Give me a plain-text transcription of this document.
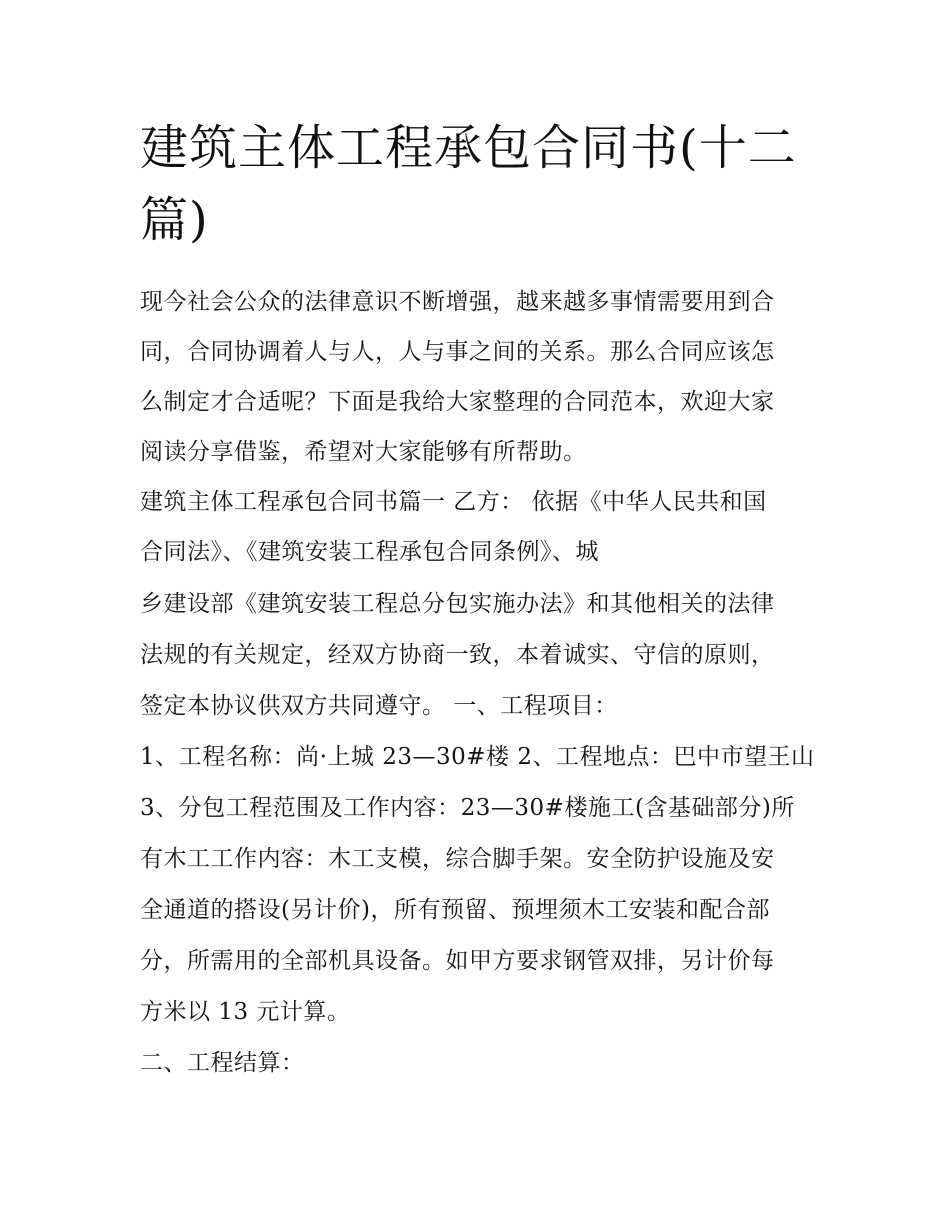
建筑主体工程承包合同书(十二
篇)

现今社会公众的法律意识不断增强，越来越多事情需要用到合

同，合同协调着人与人，人与事之间的关系。那么合同应该怎

么制定才合适呢？下面是我给大家整理的合同范本，欢迎大家

阅读分享借鉴，希望对大家能够有所帮助。

建筑主体工程承包合同书篇一 乙方： 依据《中华人民共和国

合同法》、《建筑安装工程承包合同条例》、城

乡建设部《建筑安装工程总分包实施办法》和其他相关的法律

法规的有关规定，经双方协商一致，本着诚实、守信的原则，

签定本协议供双方共同遵守。 一、工程项目：

1、工程名称：尚·上城 23—30#楼 2、工程地点：巴中市望王山

3、分包工程范围及工作内容：23—30#楼施工(含基础部分)所

有木工工作内容：木工支模，综合脚手架。安全防护设施及安

全通道的搭设(另计价)，所有预留、预埋须木工安装和配合部

分，所需用的全部机具设备。如甲方要求钢管双排，另计价每

方米以 13 元计算。

二、工程结算：
